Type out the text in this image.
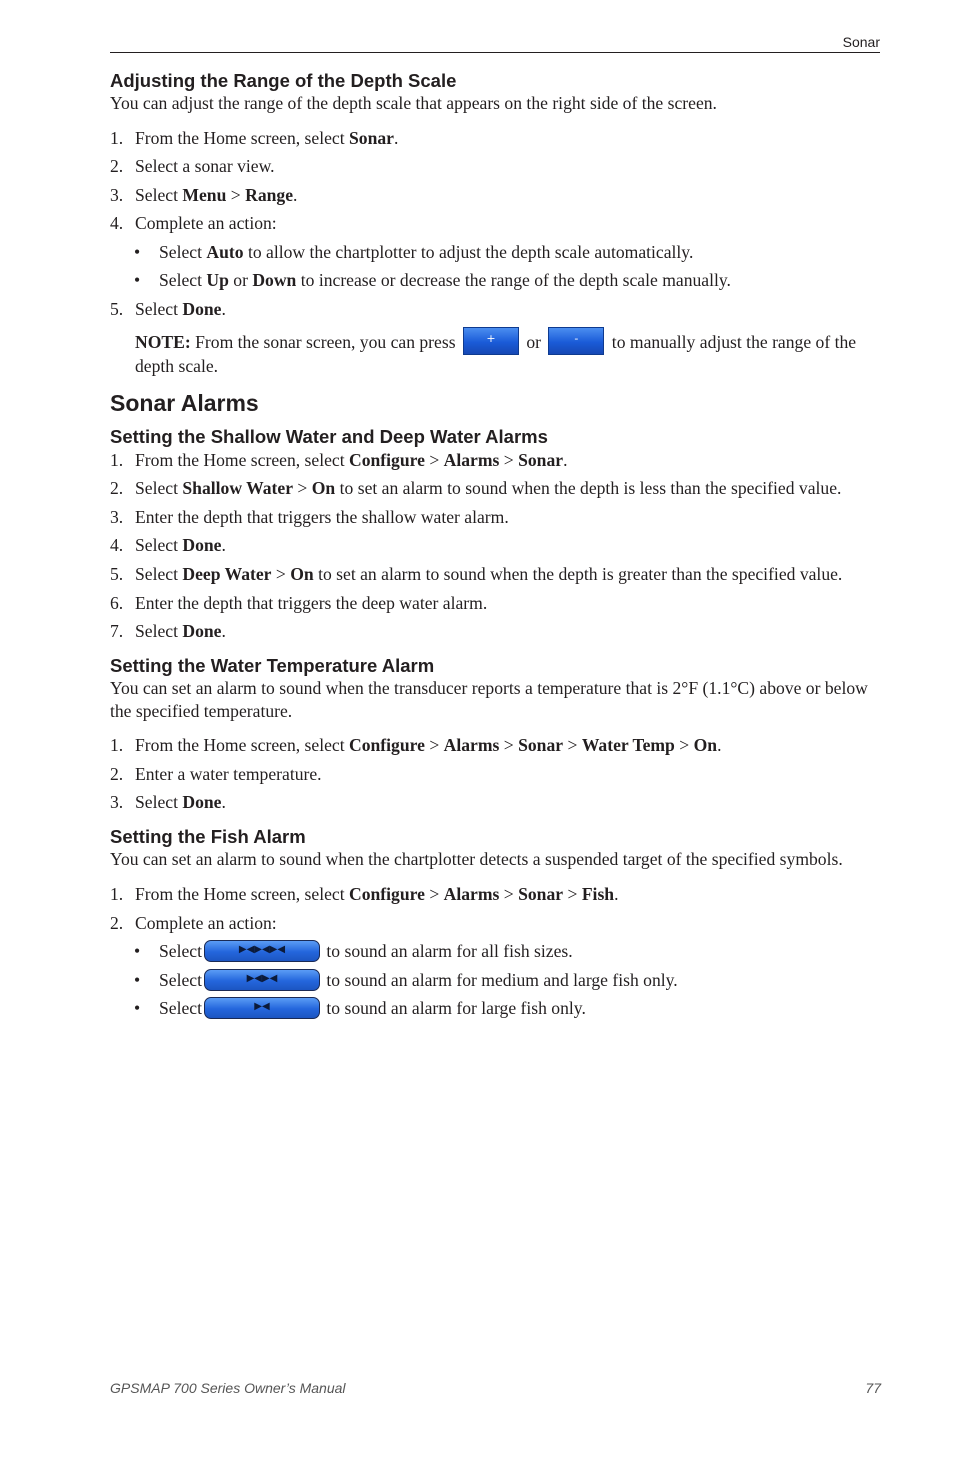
Sonar
Adjusting the Range of the Depth Scale
You can adjust the range of the depth scale that appears on the right side of the screen.
1. From the Home screen, select Sonar.
2. Select a sonar view.
3. Select Menu > Range.
4. Complete an action:
• Select Auto to allow the chartplotter to adjust the depth scale automatically.
• Select Up or Down to increase or decrease the range of the depth scale manually.
5. Select Done.
NOTE: From the sonar screen, you can press + or	- to manually adjust the range of the depth scale.
Sonar Alarms
Setting the Shallow Water and Deep Water Alarms
1. From the Home screen, select Configure > Alarms > Sonar.
2. Select Shallow Water > On to set an alarm to sound when the depth is less than the specified value.
3. Enter the depth that triggers the shallow water alarm.
4. Select Done.
5. Select Deep Water > On to set an alarm to sound when the depth is greater than the specified value.
6. Enter the depth that triggers the deep water alarm.
7. Select Done.
Setting the Water Temperature Alarm
You can set an alarm to sound when the transducer reports a temperature that is 2°F (1.1°C) above or below
the specified temperature.
1. From the Home screen, select Configure > Alarms > Sonar > Water Temp > On.
2. Enter a water temperature.
3. Select Done.
Setting the Fish Alarm
You can set an alarm to sound when the chartplotter detects a suspended target of the specified symbols.
1. From the Home screen, select Configure > Alarms > Sonar > Fish.
2. Complete an action:
• Select	▶◀▶◀▶◀	to sound an alarm for all fish sizes.
• Select	▶◀▶◀	to sound an alarm for medium and large fish only.
• Select	▶◀	to sound an alarm for large fish only.
GPSMAP 700 Series Owner’s Manual	77
